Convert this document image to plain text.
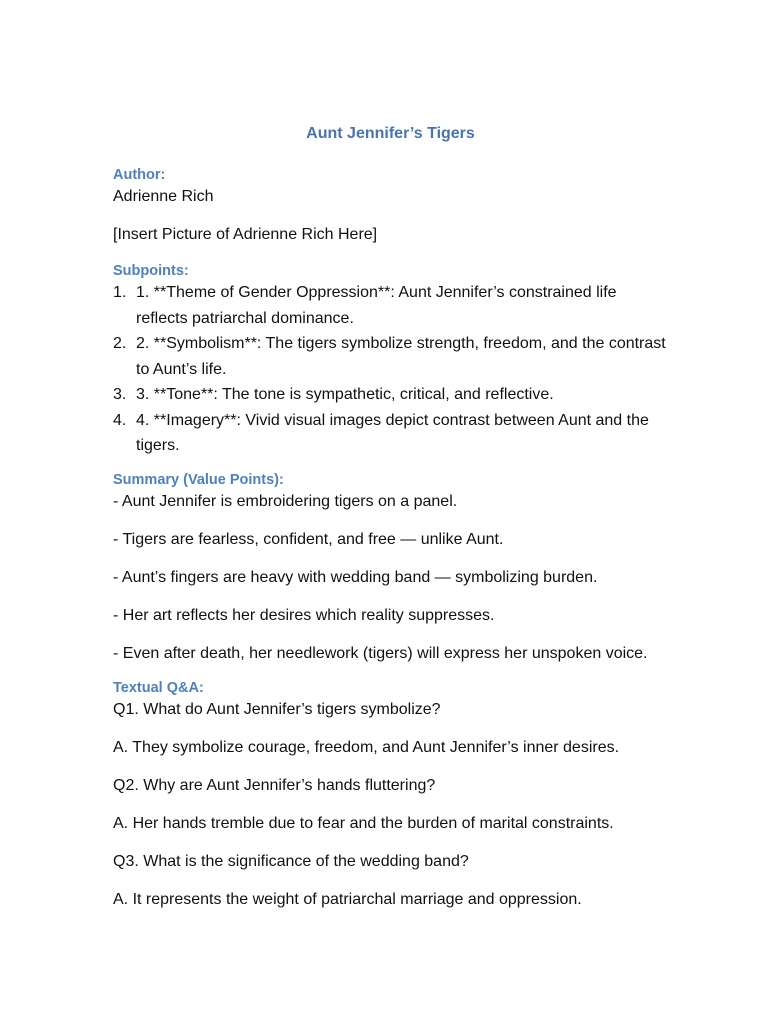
Aunt Jennifer’s Tigers
Author:

Adrienne Rich

[Insert Picture of Adrienne Rich Here]

Subpoints:
1. 1. **Theme of Gender Oppression**: Aunt Jennifer’s constrained life reflects patriarchal dominance.
2. 2. **Symbolism**: The tigers symbolize strength, freedom, and the contrast to Aunt’s life.
3. 3. **Tone**: The tone is sympathetic, critical, and reflective.
4. 4. **Imagery**: Vivid visual images depict contrast between Aunt and the tigers.
Summary (Value Points):

- Aunt Jennifer is embroidering tigers on a panel.

- Tigers are fearless, confident, and free — unlike Aunt.

- Aunt’s fingers are heavy with wedding band — symbolizing burden.

- Her art reflects her desires which reality suppresses.

- Even after death, her needlework (tigers) will express her unspoken voice.

Textual Q&A:

Q1. What do Aunt Jennifer’s tigers symbolize?

A. They symbolize courage, freedom, and Aunt Jennifer’s inner desires.

Q2. Why are Aunt Jennifer’s hands fluttering?

A. Her hands tremble due to fear and the burden of marital constraints.

Q3. What is the significance of the wedding band?

A. It represents the weight of patriarchal marriage and oppression.
